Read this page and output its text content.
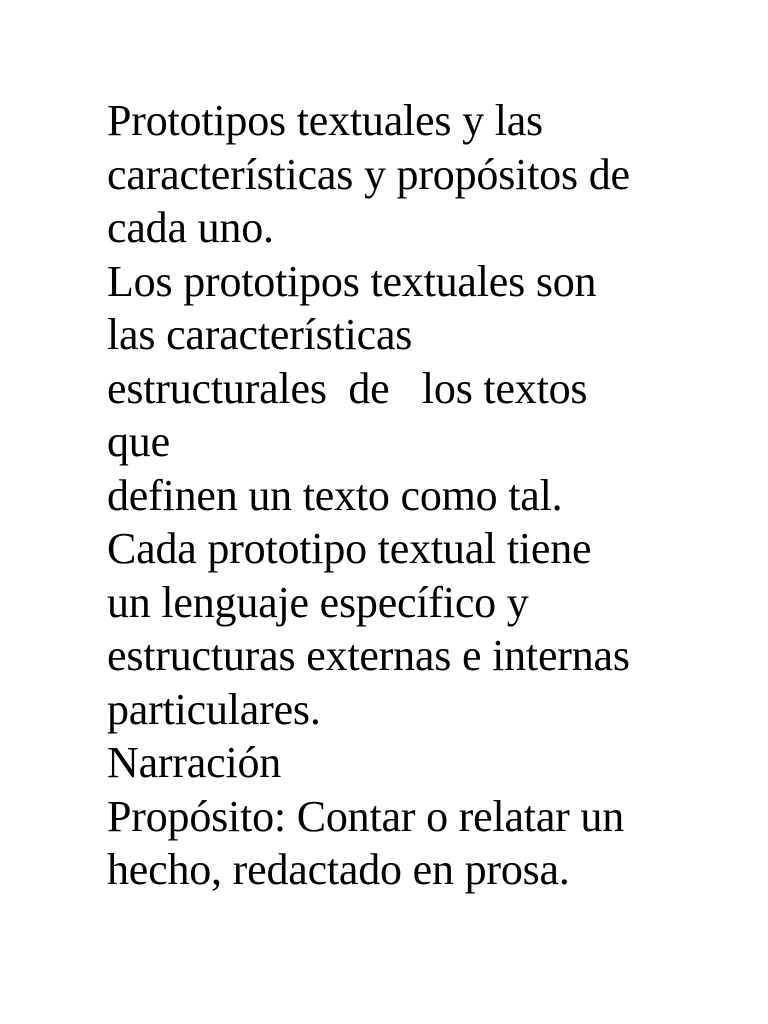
Prototipos textuales y las
características y propósitos de
cada uno.
Los prototipos textuales son
las características
estructurales  de   los textos
que
definen un texto como tal.
Cada prototipo textual tiene
un lenguaje específico y
estructuras externas e internas
particulares.
Narración
Propósito: Contar o relatar un
hecho, redactado en prosa.
